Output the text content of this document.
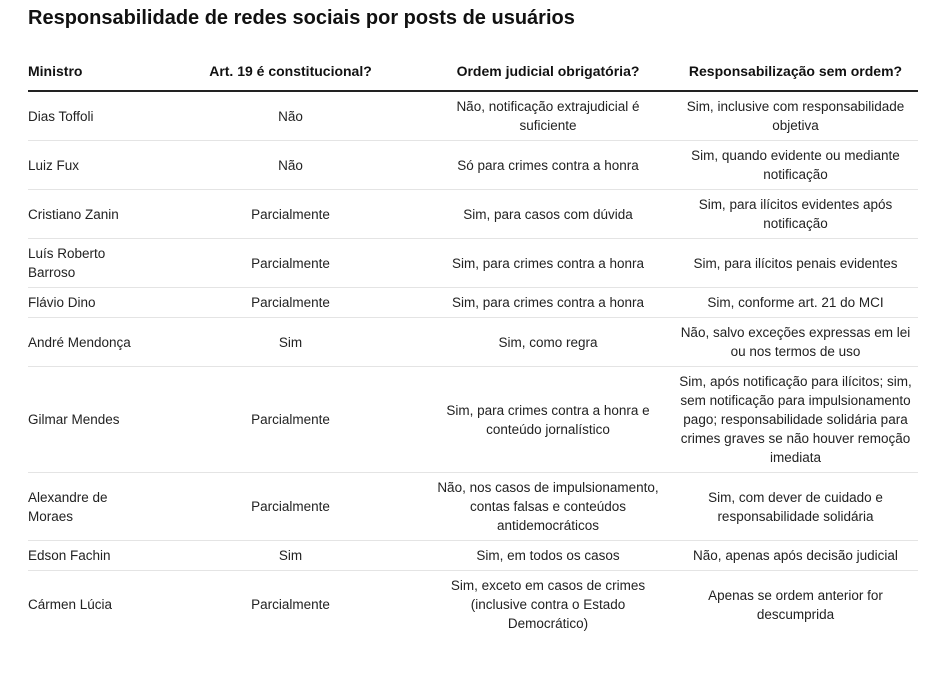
Responsabilidade de redes sociais por posts de usuários
Ministro	Art. 19 é constitucional?	Ordem judicial obrigatória?	Responsabilização sem ordem?
Dias Toffoli	Não	Não, notificação extrajudicial é suficiente	Sim, inclusive com responsabilidade objetiva
Luiz Fux	Não	Só para crimes contra a honra	Sim, quando evidente ou mediante notificação
Cristiano Zanin	Parcialmente	Sim, para casos com dúvida	Sim, para ilícitos evidentes após notificação
Luís Roberto Barroso	Parcialmente	Sim, para crimes contra a honra	Sim, para ilícitos penais evidentes
Flávio Dino	Parcialmente	Sim, para crimes contra a honra	Sim, conforme art. 21 do MCI
André Mendonça	Sim	Sim, como regra	Não, salvo exceções expressas em lei ou nos termos de uso
Gilmar Mendes	Parcialmente	Sim, para crimes contra a honra e conteúdo jornalístico	Sim, após notificação para ilícitos; sim, sem notificação para impulsionamento pago; responsabilidade solidária para crimes graves se não houver remoção imediata
Alexandre de Moraes	Parcialmente	Não, nos casos de impulsionamento, contas falsas e conteúdos antidemocráticos	Sim, com dever de cuidado e responsabilidade solidária
Edson Fachin	Sim	Sim, em todos os casos	Não, apenas após decisão judicial
Cármen Lúcia	Parcialmente	Sim, exceto em casos de crimes (inclusive contra o Estado Democrático)	Apenas se ordem anterior for descumprida
